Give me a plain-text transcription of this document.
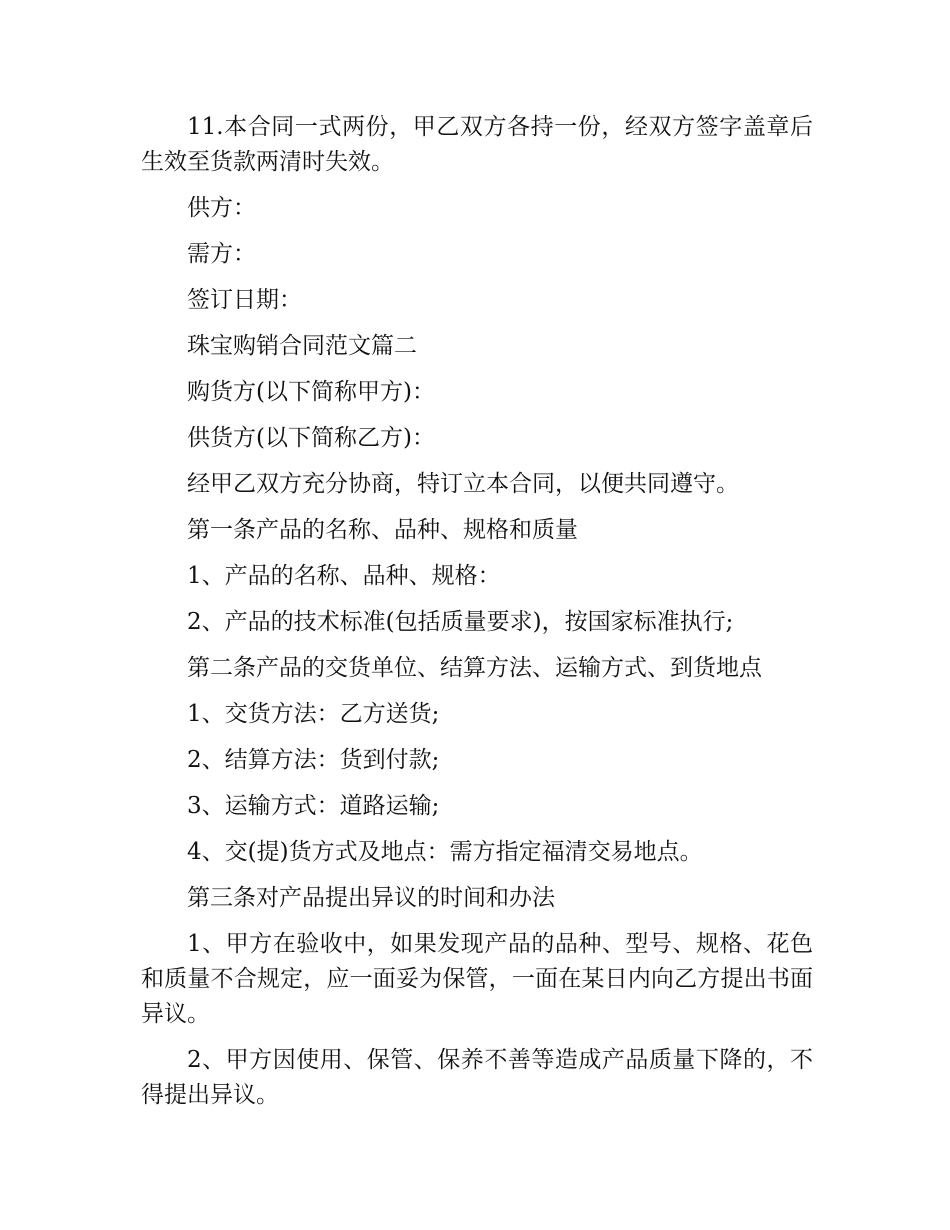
11.本合同一式两份，甲乙双方各持一份，经双方签字盖章后生效至货款两清时失效。

供方：

需方：

签订日期：

珠宝购销合同范文篇二

购货方(以下简称甲方)：

供货方(以下简称乙方)：

经甲乙双方充分协商，特订立本合同，以便共同遵守。

第一条产品的名称、品种、规格和质量

1、产品的名称、品种、规格：

2、产品的技术标准(包括质量要求)，按国家标准执行;

第二条产品的交货单位、结算方法、运输方式、到货地点

1、交货方法：乙方送货;

2、结算方法：货到付款;

3、运输方式：道路运输;

4、交(提)货方式及地点：需方指定福清交易地点。

第三条对产品提出异议的时间和办法

1、甲方在验收中，如果发现产品的品种、型号、规格、花色和质量不合规定，应一面妥为保管，一面在某日内向乙方提出书面异议。

2、甲方因使用、保管、保养不善等造成产品质量下降的，不得提出异议。
